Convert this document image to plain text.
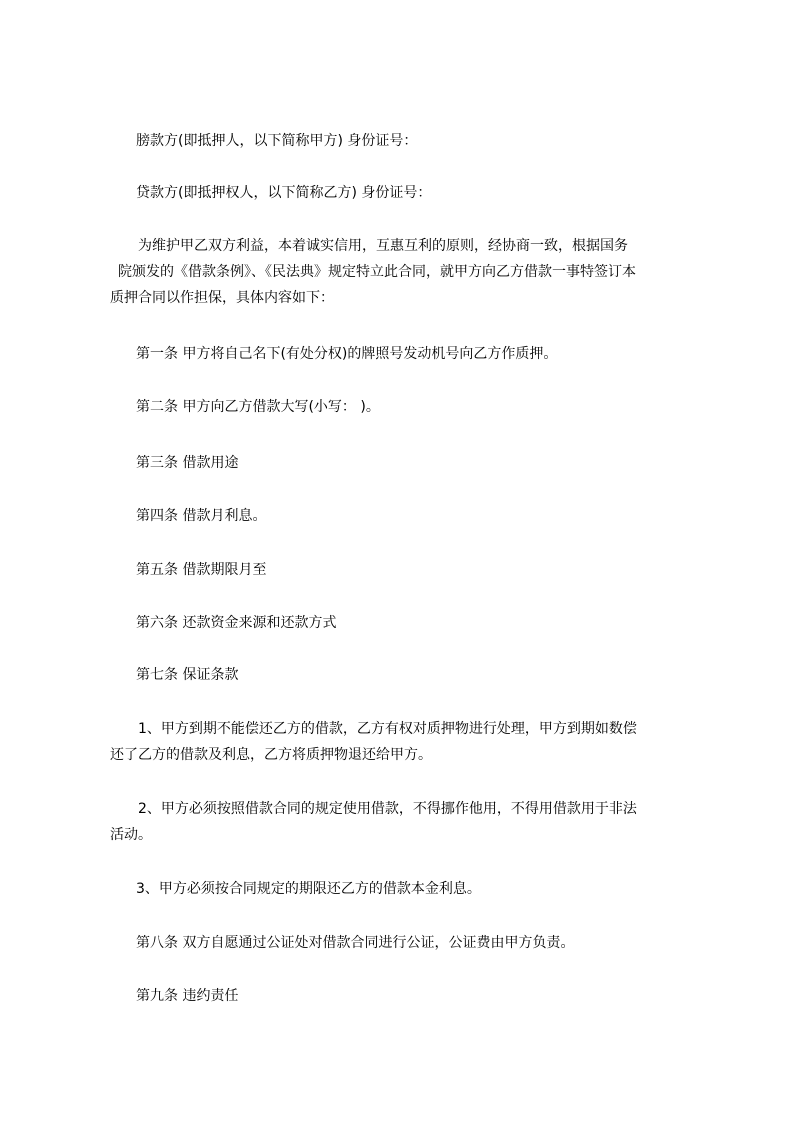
膀款方(即抵押人，以下简称甲方) 身份证号：

贷款方(即抵押权人，以下简称乙方) 身份证号：

为维护甲乙双方利益，本着诚实信用，互惠互利的原则，经协商一致，根据国务
院颁发的《借款条例》、《民法典》规定特立此合同，就甲方向乙方借款一事特签订本
质押合同以作担保，具体内容如下：

第一条 甲方将自己名下(有处分权)的牌照号发动机号向乙方作质押。

第二条 甲方向乙方借款大写(小写： )。

第三条 借款用途

第四条 借款月利息。

第五条 借款期限月至

第六条 还款资金来源和还款方式

第七条 保证条款

1、甲方到期不能偿还乙方的借款，乙方有权对质押物进行处理，甲方到期如数偿
还了乙方的借款及利息，乙方将质押物退还给甲方。

2、甲方必须按照借款合同的规定使用借款，不得挪作他用，不得用借款用于非法
活动。

3、甲方必须按合同规定的期限还乙方的借款本金利息。

第八条 双方自愿通过公证处对借款合同进行公证，公证费由甲方负责。

第九条 违约责任
